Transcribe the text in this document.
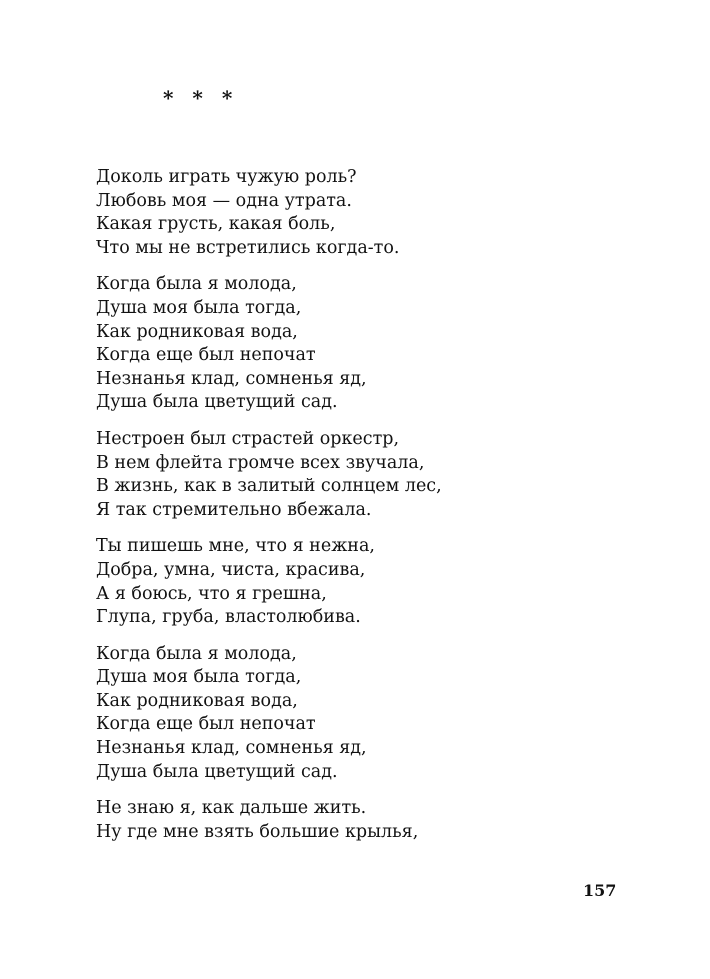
* * *
Доколь играть чужую роль?
Любовь моя — одна утрата.
Какая грусть, какая боль,
Что мы не встретились когда-то.
Когда была я молода,
Душа моя была тогда,
Как родниковая вода,
Когда еще был непочат
Незнанья клад, сомненья яд,
Душа была цветущий сад.
Нестроен был страстей оркестр,
В нем флейта громче всех звучала,
В жизнь, как в залитый солнцем лес,
Я так стремительно вбежала.
Ты пишешь мне, что я нежна,
Добра, умна, чиста, красива,
А я боюсь, что я грешна,
Глупа, груба, властолюбива.
Когда была я молода,
Душа моя была тогда,
Как родниковая вода,
Когда еще был непочат
Незнанья клад, сомненья яд,
Душа была цветущий сад.
Не знаю я, как дальше жить.
Ну где мне взять большие крылья,
157
